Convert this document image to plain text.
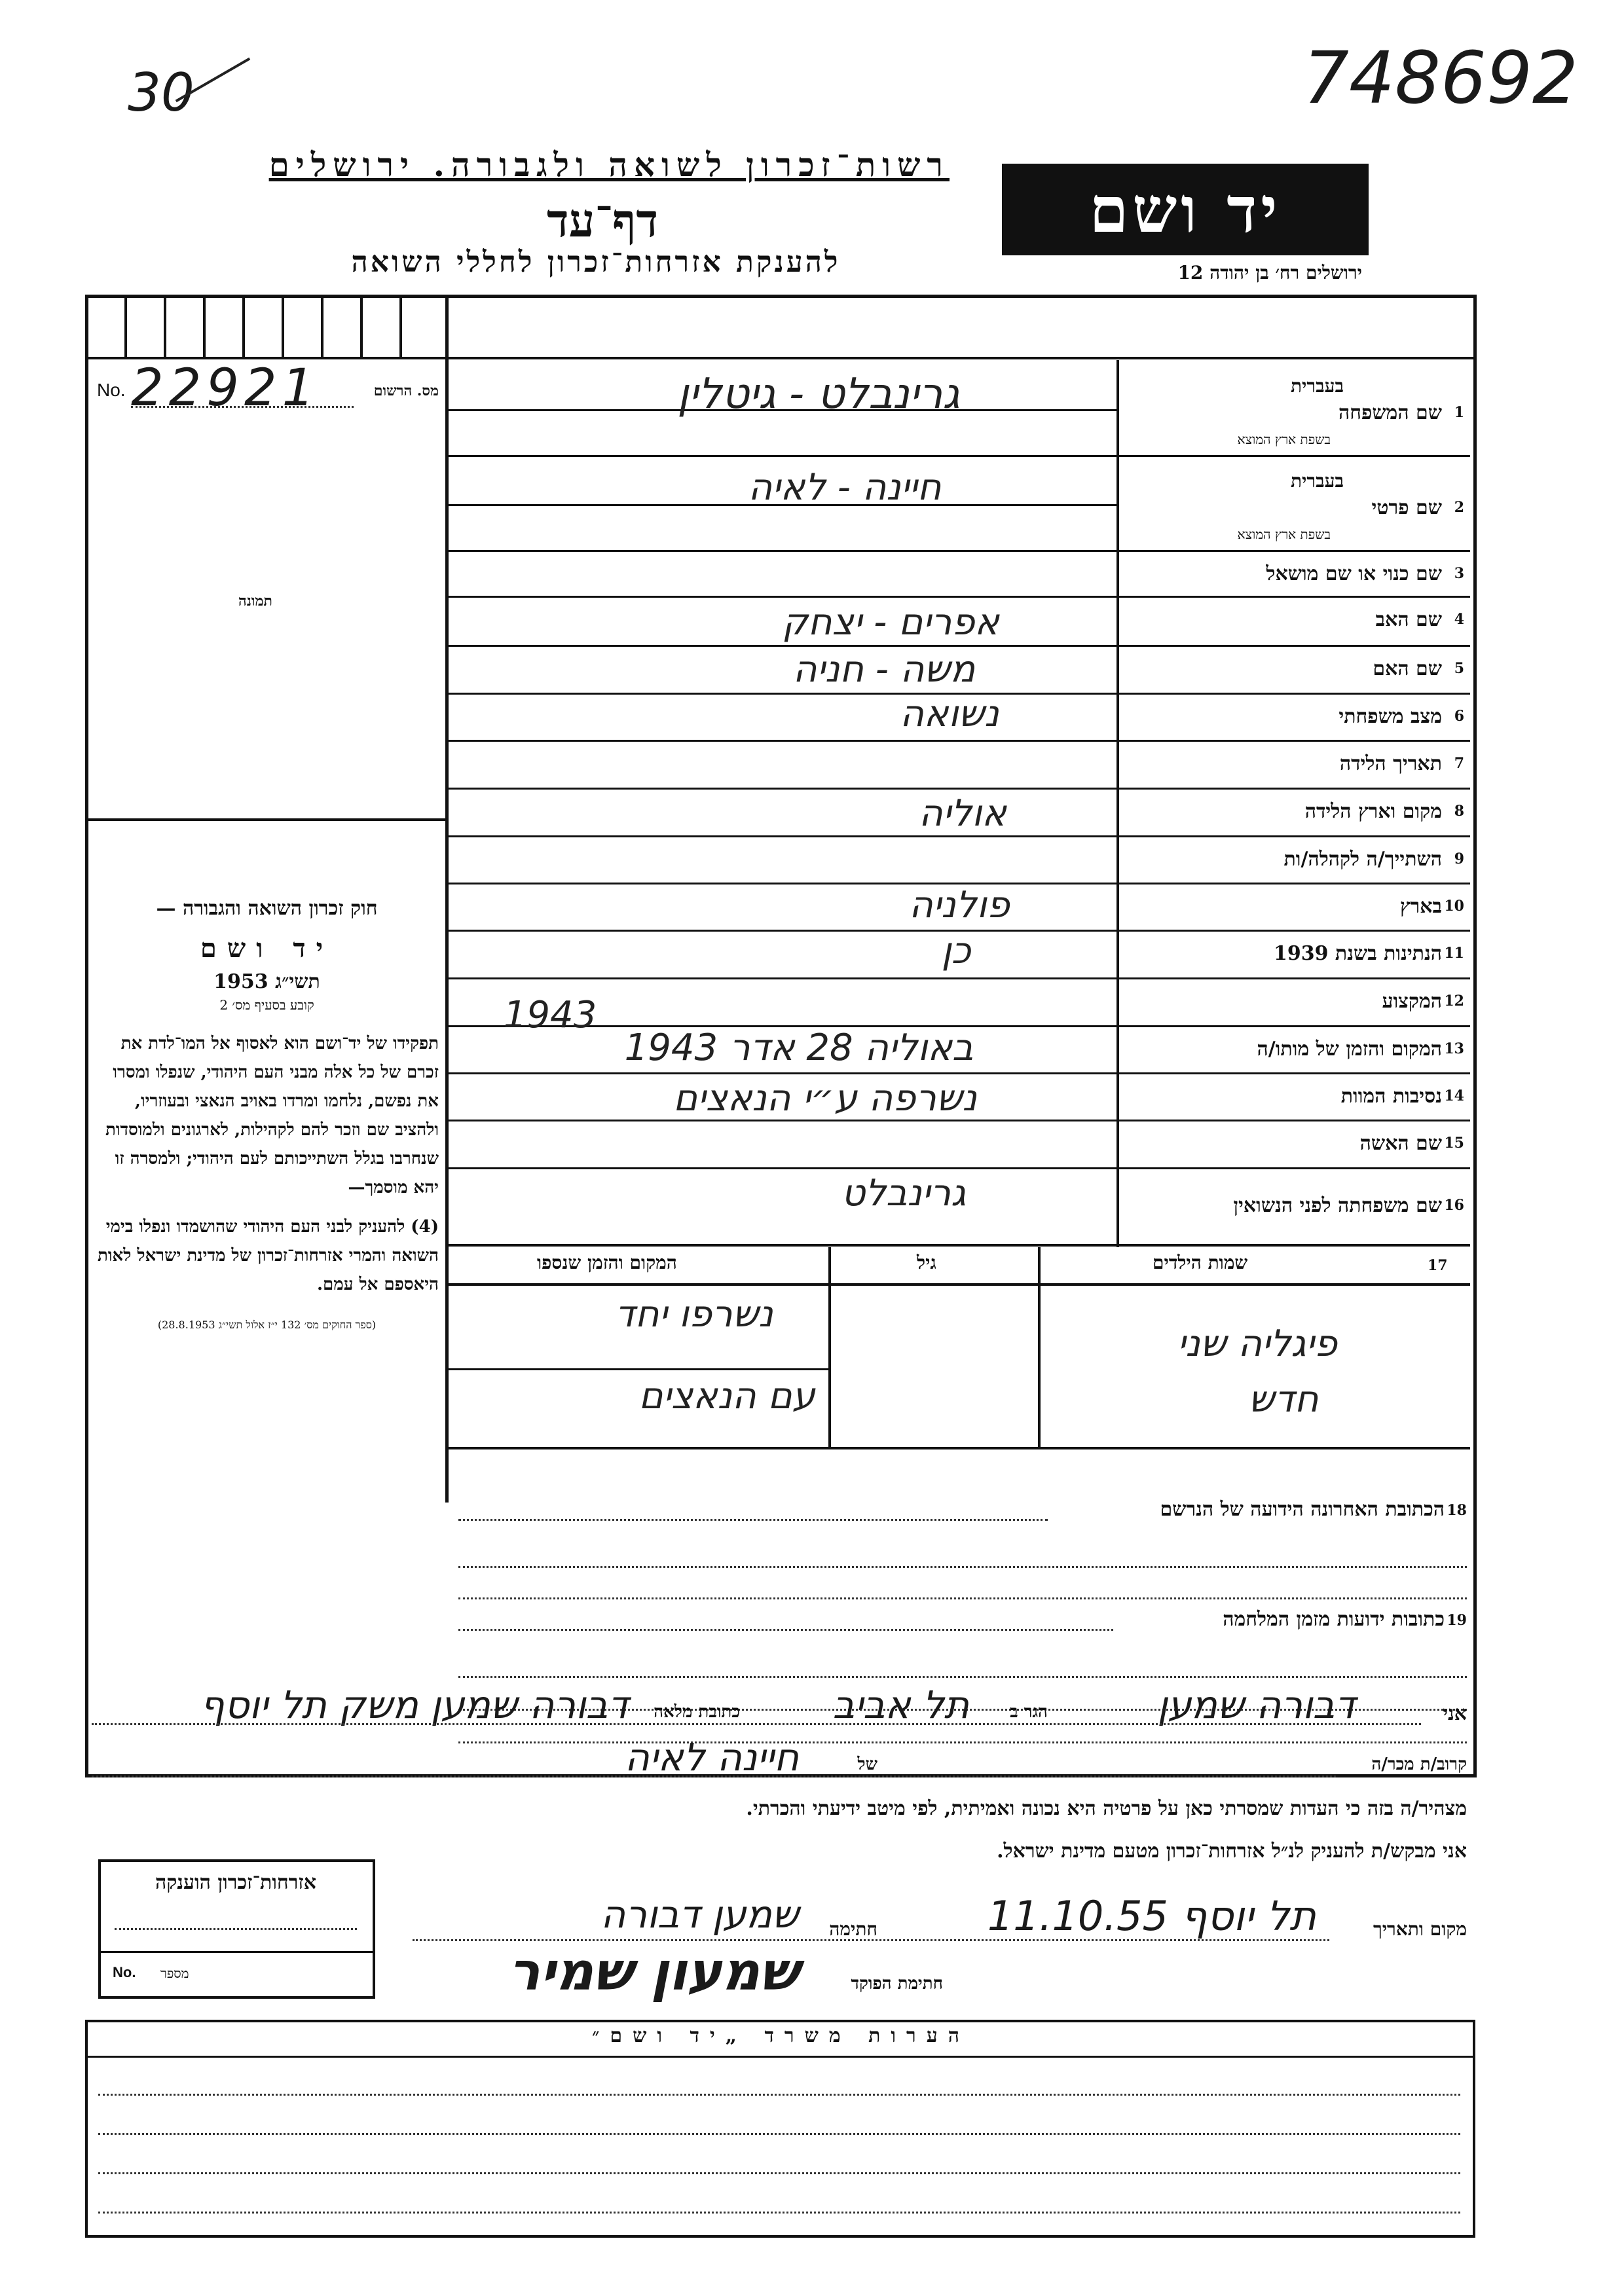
30	748692
רשות־זכרון לשואה ולגבורה. ירושלים
דף־עד
להענקת אזרחות־זכרון לחללי השואה
יד ושם
ירושלים רח׳ בן יהודה 12
No. 22921	מס. הרשום
תמונה
חוק זכרון השואה והגבורה —
יד ושם
תשי״ג 1953
קובע בסעיף מס׳ 2
תפקידו של יד־ושם הוא לאסוף אל המו־לדת את זכרם של כל אלה מבני העם היהודי, שנפלו ומסרו את נפשם, נלחמו ומרדו באויב הנאצי ובעוזריו, ולהציב שם וזכר להם לקהילות, לארגונים ולמוסדות שנחרבו בגלל השתייכותם לעם היהודי; ולמסרה זו יהא מוסמך—
(4) להעניק לבני העם היהודי שהושמדו ונפלו בימי השואה והמרי אזרחות־זכרון של מדינת ישראל לאות היאספם אל עמם.
(ספר החוקים מס׳ 132 י״ז אלול תשי״ג 28.8.1953)
1
שם המשפחה
בעברית
בשפת ארץ המוצא
גרינבלט - גיטלין
2
שם פרטי
בעברית
בשפת ארץ המוצא
חיינה - לאיה
3
שם כנוי או שם מושאל
4
שם האב
אפרים - יצחק
5
שם האם
משה - חניה
6
מצב משפחתי
נשואה
7
תאריך הלידה
8
מקום וארץ הלידה
אוליה
9
השתייך/ה לקהלה/ות
10
בארץ
פולניה
11
הנתינות בשנת 1939
כן
12
המקצוע
1943
13
המקום והזמן של מותו/ה
באוליה 28 אדר 1943
14
נסיבות המוות
נשרפה ע״י הנאצים
15
שם האשה
16
שם משפחתה לפני הנשואין
גרינבלט
17
שמות הילדים
גיל
המקום והזמן שנספו
פיגליה שני
חדש
נשרפו יחד
עם הנאצים
18
הכתובת האחרונה הידועה של הנרשם
19
כתובות ידועות מזמן המלחמה
אני
דבורה שמען
הגר ב
תל אביב
כתובת מלאה
דבורה שמען משק תל יוסף
קרוב/ת מכר/ה
של
חיינה לאיה
מצהיר/ה בזה כי העדות שמסרתי כאן על פרטיה היא נכונה ואמיתית, לפי מיטב ידיעתי והכרתי.
אני מבקש/ת להעניק לנ״ל אזרחות־זכרון מטעם מדינת ישראל.
מקום ותאריך
תל יוסף 11.10.55
חתימה
שמען דבורה
חתימת הפוקד
שמעון שמיר
אזרחות־זכרון הוענקה
No. מספר
הערות משרד „יד ושם״
